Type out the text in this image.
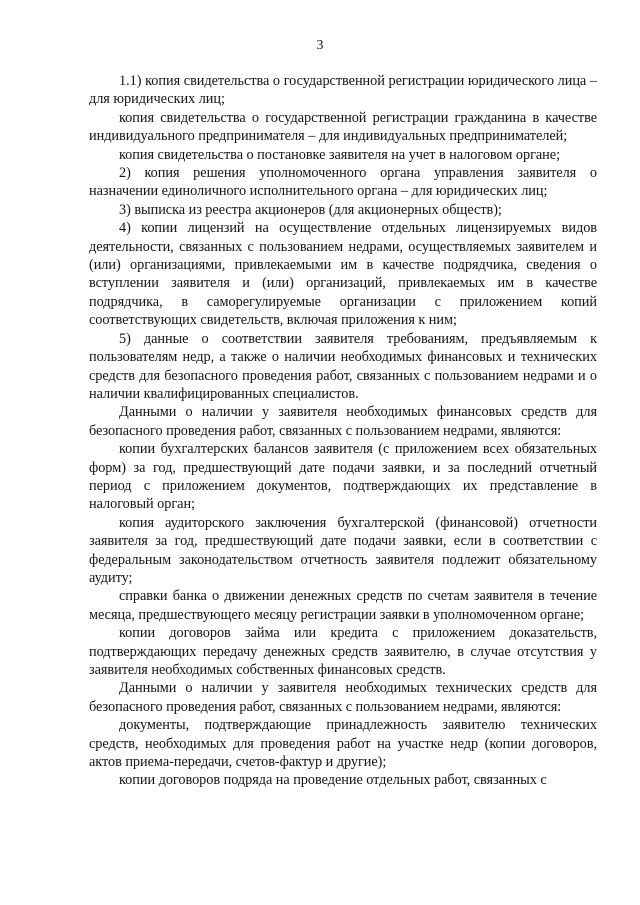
3

1.1) копия свидетельства о государственной регистрации юридического лица – для юридических лиц;

копия свидетельства о государственной регистрации гражданина в качестве индивидуального предпринимателя – для индивидуальных предпринимателей;

копия свидетельства о постановке заявителя на учет в налоговом органе;

2) копия решения уполномоченного органа управления заявителя о назначении единоличного исполнительного органа – для юридических лиц;

3) выписка из реестра акционеров (для акционерных обществ);

4) копии лицензий на осуществление отдельных лицензируемых видов деятельности, связанных с пользованием недрами, осуществляемых заявителем и (или) организациями, привлекаемыми им в качестве подрядчика, сведения о вступлении заявителя и (или) организаций, привлекаемых им в качестве подрядчика, в саморегулируемые организации с приложением копий соответствующих свидетельств, включая приложения к ним;

5) данные о соответствии заявителя требованиям, предъявляемым к пользователям недр, а также о наличии необходимых финансовых и технических средств для безопасного проведения работ, связанных с пользованием недрами и о наличии квалифицированных специалистов.

Данными о наличии у заявителя необходимых финансовых средств для безопасного проведения работ, связанных с пользованием недрами, являются:

копии бухгалтерских балансов заявителя (с приложением всех обязательных форм) за год, предшествующий дате подачи заявки, и за последний отчетный период с приложением документов, подтверждающих их представление в налоговый орган;

копия аудиторского заключения бухгалтерской (финансовой) отчетности заявителя за год, предшествующий дате подачи заявки, если в соответствии с федеральным законодательством отчетность заявителя подлежит обязательному аудиту;

справки банка о движении денежных средств по счетам заявителя в течение месяца, предшествующего месяцу регистрации заявки в уполномоченном органе;

копии договоров займа или кредита с приложением доказательств, подтверждающих передачу денежных средств заявителю, в случае отсутствия у заявителя необходимых собственных финансовых средств.

Данными о наличии у заявителя необходимых технических средств для безопасного проведения работ, связанных с пользованием недрами, являются:

документы, подтверждающие принадлежность заявителю технических средств, необходимых для проведения работ на участке недр (копии договоров, актов приема-передачи, счетов-фактур и другие);

копии договоров подряда на проведение отдельных работ, связанных с
